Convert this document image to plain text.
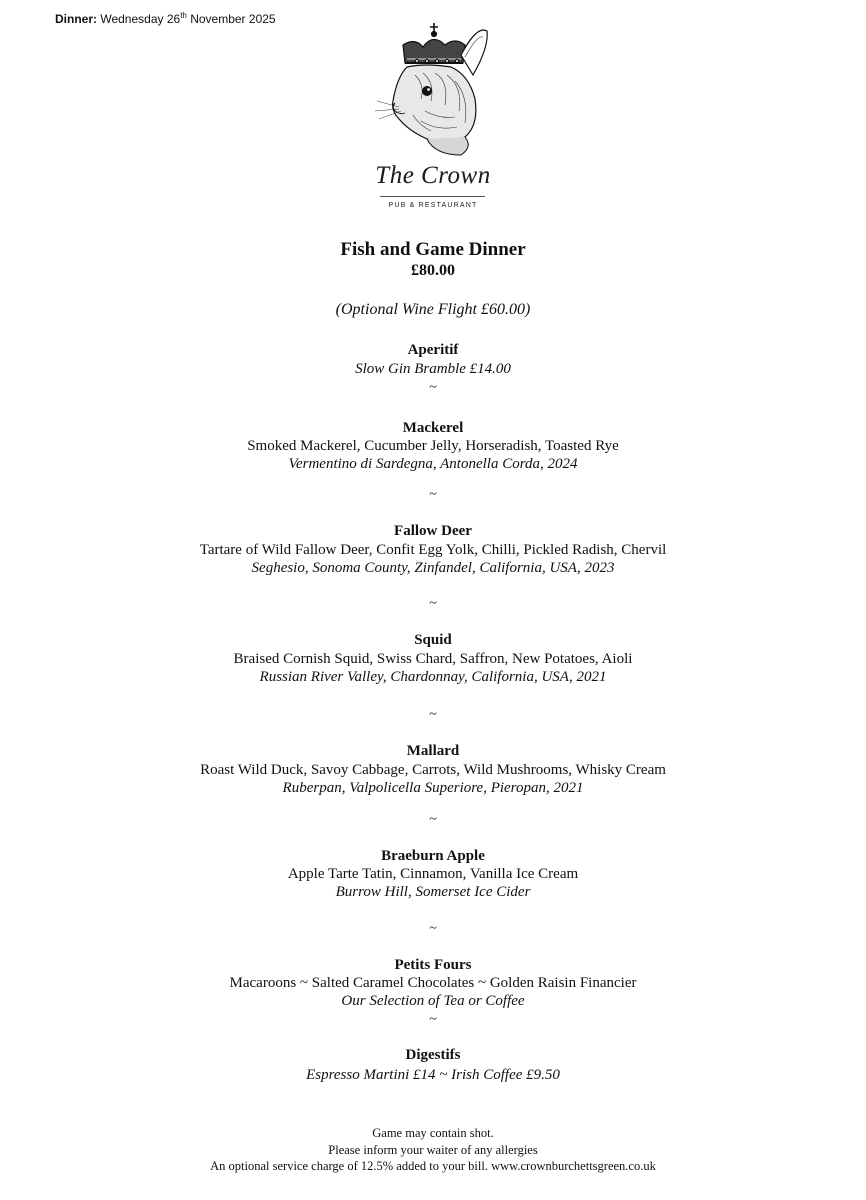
Dinner: Wednesday 26th November 2025
The Crown
PUB & RESTAURANT
Fish and Game Dinner
£80.00
(Optional Wine Flight £60.00)
Aperitif
Slow Gin Bramble £14.00
~
Mackerel
Smoked Mackerel, Cucumber Jelly, Horseradish, Toasted Rye
Vermentino di Sardegna, Antonella Corda, 2024
~
Fallow Deer
Tartare of Wild Fallow Deer, Confit Egg Yolk, Chilli, Pickled Radish, Chervil
Seghesio, Sonoma County, Zinfandel, California, USA, 2023
~
Squid
Braised Cornish Squid, Swiss Chard, Saffron, New Potatoes, Aioli
Russian River Valley, Chardonnay, California, USA, 2021
~
Mallard
Roast Wild Duck, Savoy Cabbage, Carrots, Wild Mushrooms, Whisky Cream
Ruberpan, Valpolicella Superiore, Pieropan, 2021
~
Braeburn Apple
Apple Tarte Tatin, Cinnamon, Vanilla Ice Cream
Burrow Hill, Somerset Ice Cider
~
Petits Fours
Macaroons ~ Salted Caramel Chocolates ~ Golden Raisin Financier
Our Selection of Tea or Coffee
~
Digestifs
Espresso Martini £14 ~ Irish Coffee £9.50
Game may contain shot.
Please inform your waiter of any allergies
An optional service charge of 12.5% added to your bill. www.crownburchettsgreen.co.uk
